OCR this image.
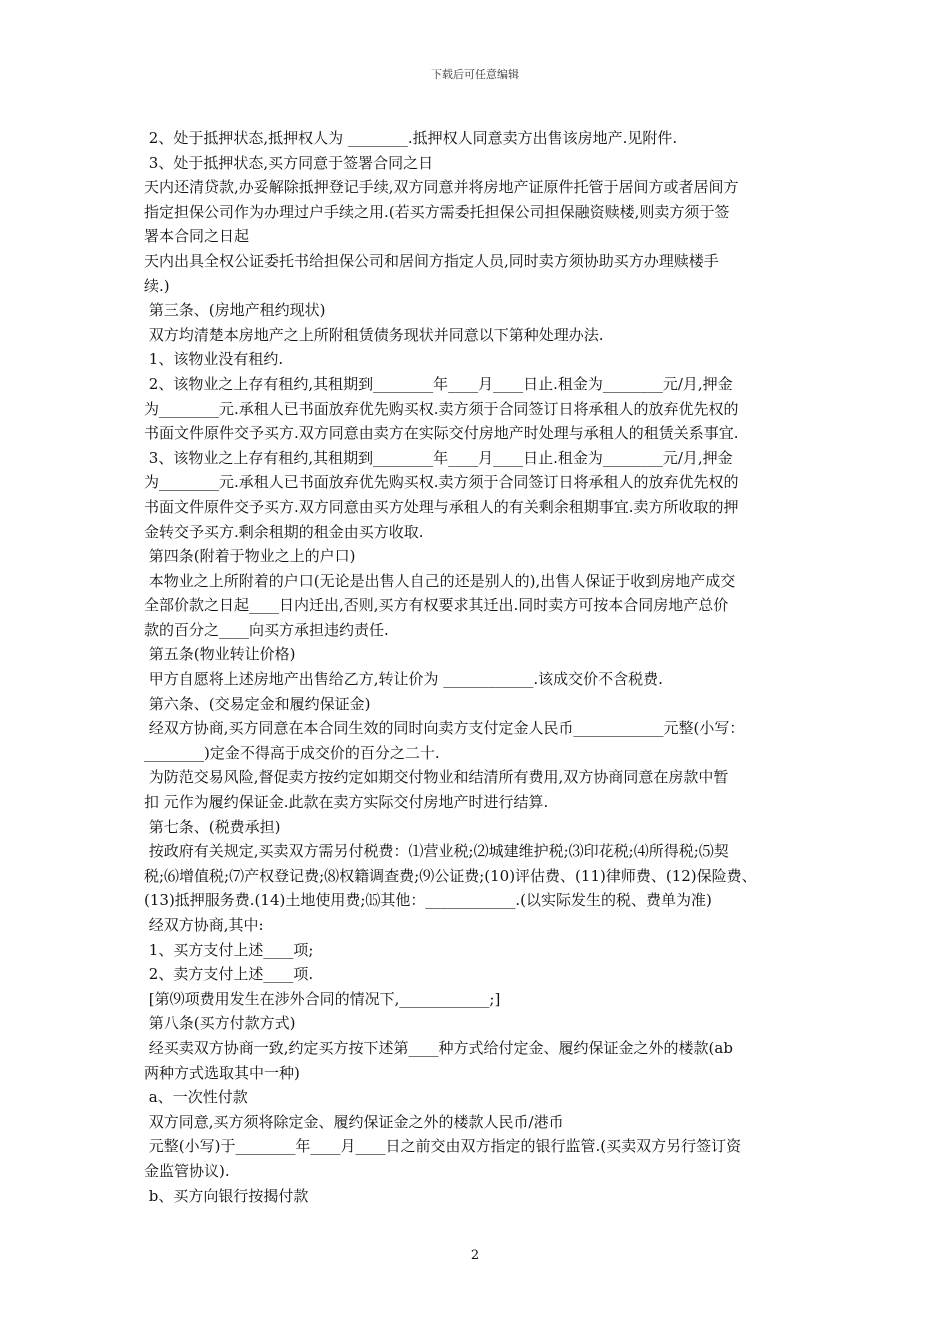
下载后可任意编辑

2、处于抵押状态,抵押权人为 ________.抵押权人同意卖方出售该房地产.见附件.

3、处于抵押状态,买方同意于签署合同之日

天内还清贷款,办妥解除抵押登记手续,双方同意并将房地产证原件托管于居间方或者居间方

指定担保公司作为办理过户手续之用.(若买方需委托担保公司担保融资赎楼,则卖方须于签

署本合同之日起

天内出具全权公证委托书给担保公司和居间方指定人员,同时卖方须协助买方办理赎楼手

续.)

第三条、(房地产租约现状)

双方均清楚本房地产之上所附租赁债务现状并同意以下第种处理办法.

1、该物业没有租约.

2、该物业之上存有租约,其租期到________年____月____日止.租金为________元/月,押金

为________元.承租人已书面放弃优先购买权.卖方须于合同签订日将承租人的放弃优先权的

书面文件原件交予买方.双方同意由卖方在实际交付房地产时处理与承租人的租赁关系事宜.

3、该物业之上存有租约,其租期到________年____月____日止.租金为________元/月,押金

为________元.承租人已书面放弃优先购买权.卖方须于合同签订日将承租人的放弃优先权的

书面文件原件交予买方.双方同意由买方处理与承租人的有关剩余租期事宜.卖方所收取的押

金转交予买方.剩余租期的租金由买方收取.

第四条(附着于物业之上的户口)

本物业之上所附着的户口(无论是出售人自己的还是别人的),出售人保证于收到房地产成交

全部价款之日起____日内迁出,否则,买方有权要求其迁出.同时卖方可按本合同房地产总价

款的百分之____向买方承担违约责任.

第五条(物业转让价格)

甲方自愿将上述房地产出售给乙方,转让价为 ____________.该成交价不含税费.

第六条、(交易定金和履约保证金)

经双方协商,买方同意在本合同生效的同时向卖方支付定金人民币____________元整(小写：

________)定金不得高于成交价的百分之二十.

为防范交易风险,督促卖方按约定如期交付物业和结清所有费用,双方协商同意在房款中暂

扣 元作为履约保证金.此款在卖方实际交付房地产时进行结算.

第七条、(税费承担)

按政府有关规定,买卖双方需另付税费：⑴营业税;⑵城建维护税;⑶印花税;⑷所得税;⑸契

税;⑹增值税;⑺产权登记费;⑻权籍调查费;⑼公证费;(10)评估费、(11)律师费、(12)保险费、

(13)抵押服务费.(14)土地使用费;⒂其他：____________.(以实际发生的税、费单为准)

经双方协商,其中:

1、买方支付上述____项;

2、卖方支付上述____项.

[第⑼项费用发生在涉外合同的情况下,____________;]

第八条(买方付款方式)

经买卖双方协商一致,约定买方按下述第____种方式给付定金、履约保证金之外的楼款(ab

两种方式选取其中一种)

a、一次性付款

双方同意,买方须将除定金、履约保证金之外的楼款人民币/港币

元整(小写)于________年____月____日之前交由双方指定的银行监管.(买卖双方另行签订资

金监管协议).

b、买方向银行按揭付款

2
